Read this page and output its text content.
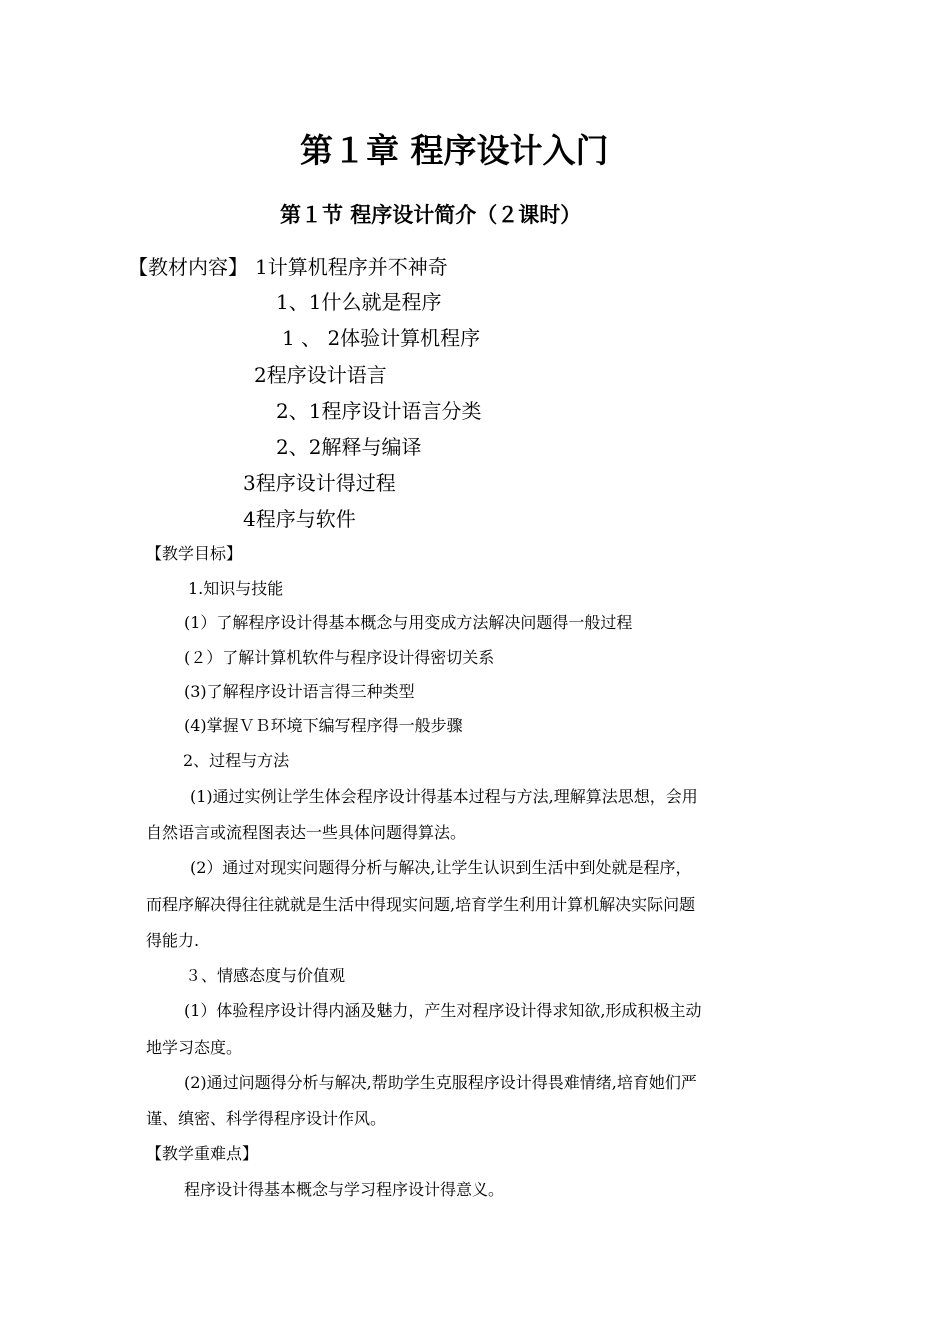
第１章 程序设计入门
第１节 程序设计简介（２课时）
【教材内容】 1计算机程序并不神奇
1、1什么就是程序
1 、 2体验计算机程序
2程序设计语言
2、1程序设计语言分类
2、2解释与编译
3程序设计得过程
4程序与软件
【教学目标】
1.知识与技能
(1）了解程序设计得基本概念与用变成方法解决问题得一般过程
(２）了解计算机软件与程序设计得密切关系
(3)了解程序设计语言得三种类型
(4)掌握ＶＢ环境下编写程序得一般步骤
2、过程与方法
(1)通过实例让学生体会程序设计得基本过程与方法,理解算法思想，会用
自然语言或流程图表达一些具体问题得算法。
(2）通过对现实问题得分析与解决,让学生认识到生活中到处就是程序，
而程序解决得往往就就是生活中得现实问题,培育学生利用计算机解决实际问题
得能力.
３、情感态度与价值观
(1）体验程序设计得内涵及魅力，产生对程序设计得求知欲,形成积极主动
地学习态度。
(2)通过问题得分析与解决,帮助学生克服程序设计得畏难情绪,培育她们严
谨、缜密、科学得程序设计作风。
【教学重难点】
程序设计得基本概念与学习程序设计得意义。
